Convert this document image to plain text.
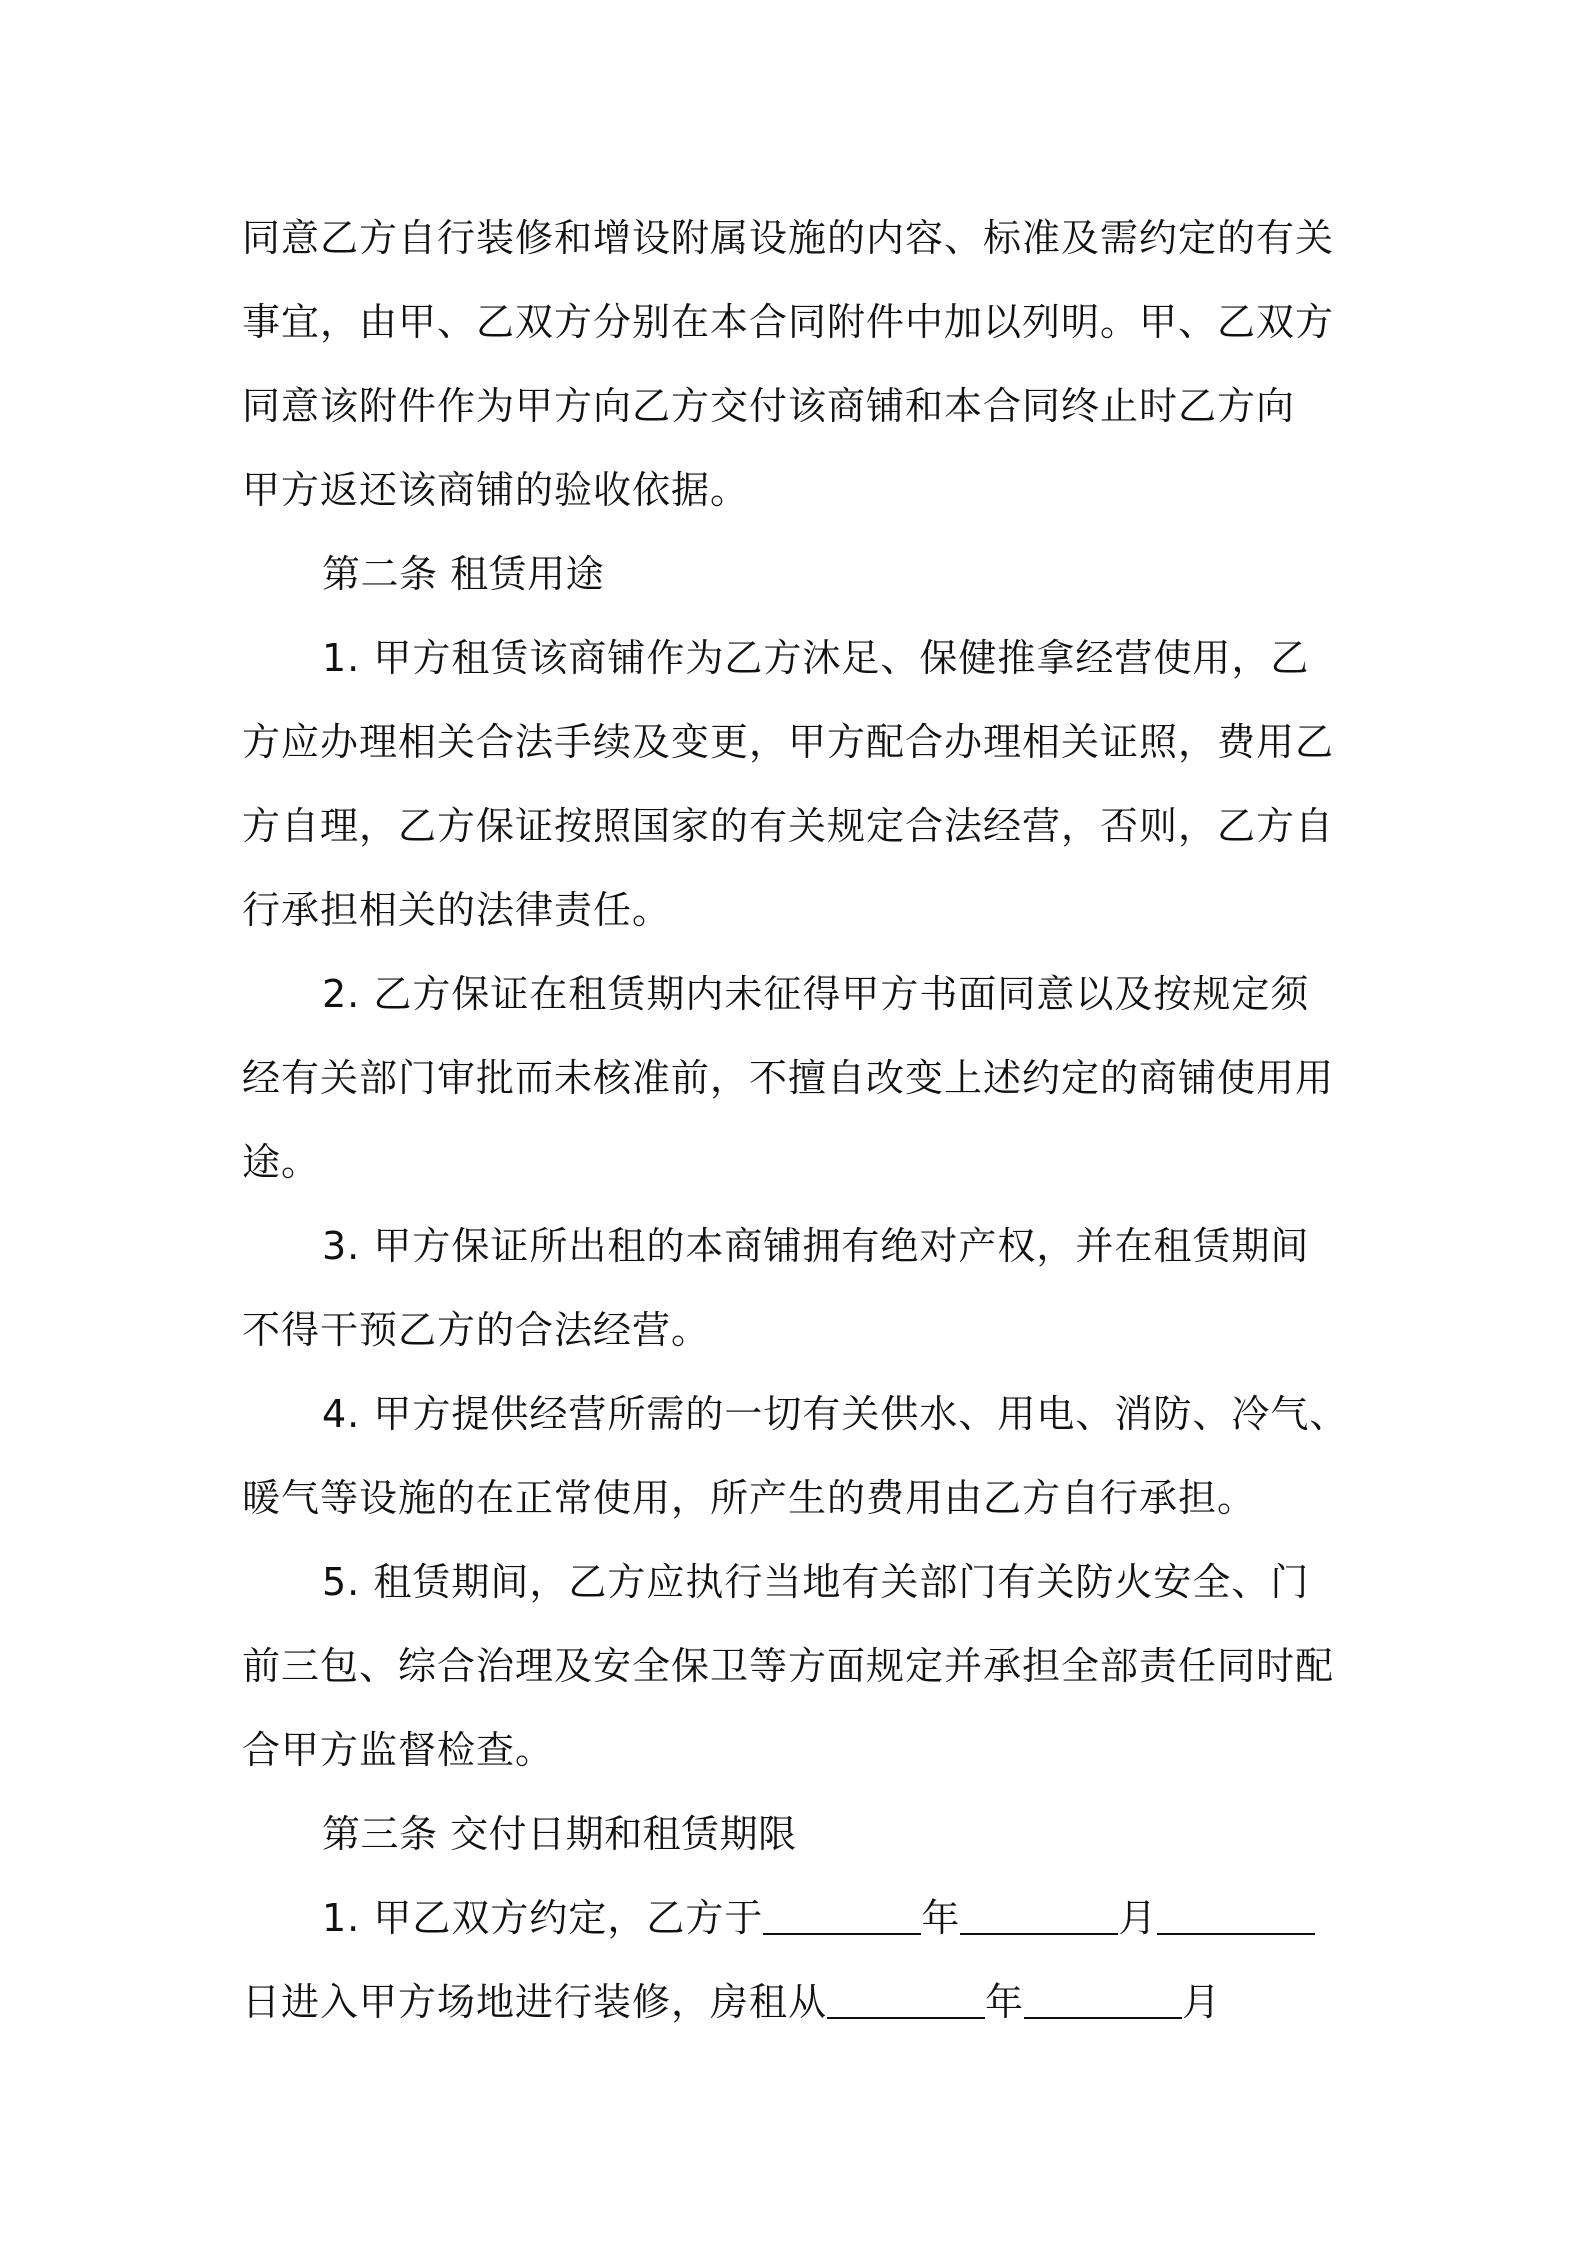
同意乙方自行装修和增设附属设施的内容、标准及需约定的有关
事宜，由甲、乙双方分别在本合同附件中加以列明。甲、乙双方
同意该附件作为甲方向乙方交付该商铺和本合同终止时乙方向
甲方返还该商铺的验收依据。
第二条 租赁用途
1. 甲方租赁该商铺作为乙方沐足、保健推拿经营使用，乙
方应办理相关合法手续及变更，甲方配合办理相关证照，费用乙
方自理，乙方保证按照国家的有关规定合法经营，否则，乙方自
行承担相关的法律责任。
2. 乙方保证在租赁期内未征得甲方书面同意以及按规定须
经有关部门审批而未核准前，不擅自改变上述约定的商铺使用用
途。
3. 甲方保证所出租的本商铺拥有绝对产权，并在租赁期间
不得干预乙方的合法经营。
4. 甲方提供经营所需的一切有关供水、用电、消防、冷气、
暖气等设施的在正常使用，所产生的费用由乙方自行承担。
5. 租赁期间，乙方应执行当地有关部门有关防火安全、门
前三包、综合治理及安全保卫等方面规定并承担全部责任同时配
合甲方监督检查。
第三条 交付日期和租赁期限
1. 甲乙双方约定，乙方于	年	月
日进入甲方场地进行装修，房租从	年	月
